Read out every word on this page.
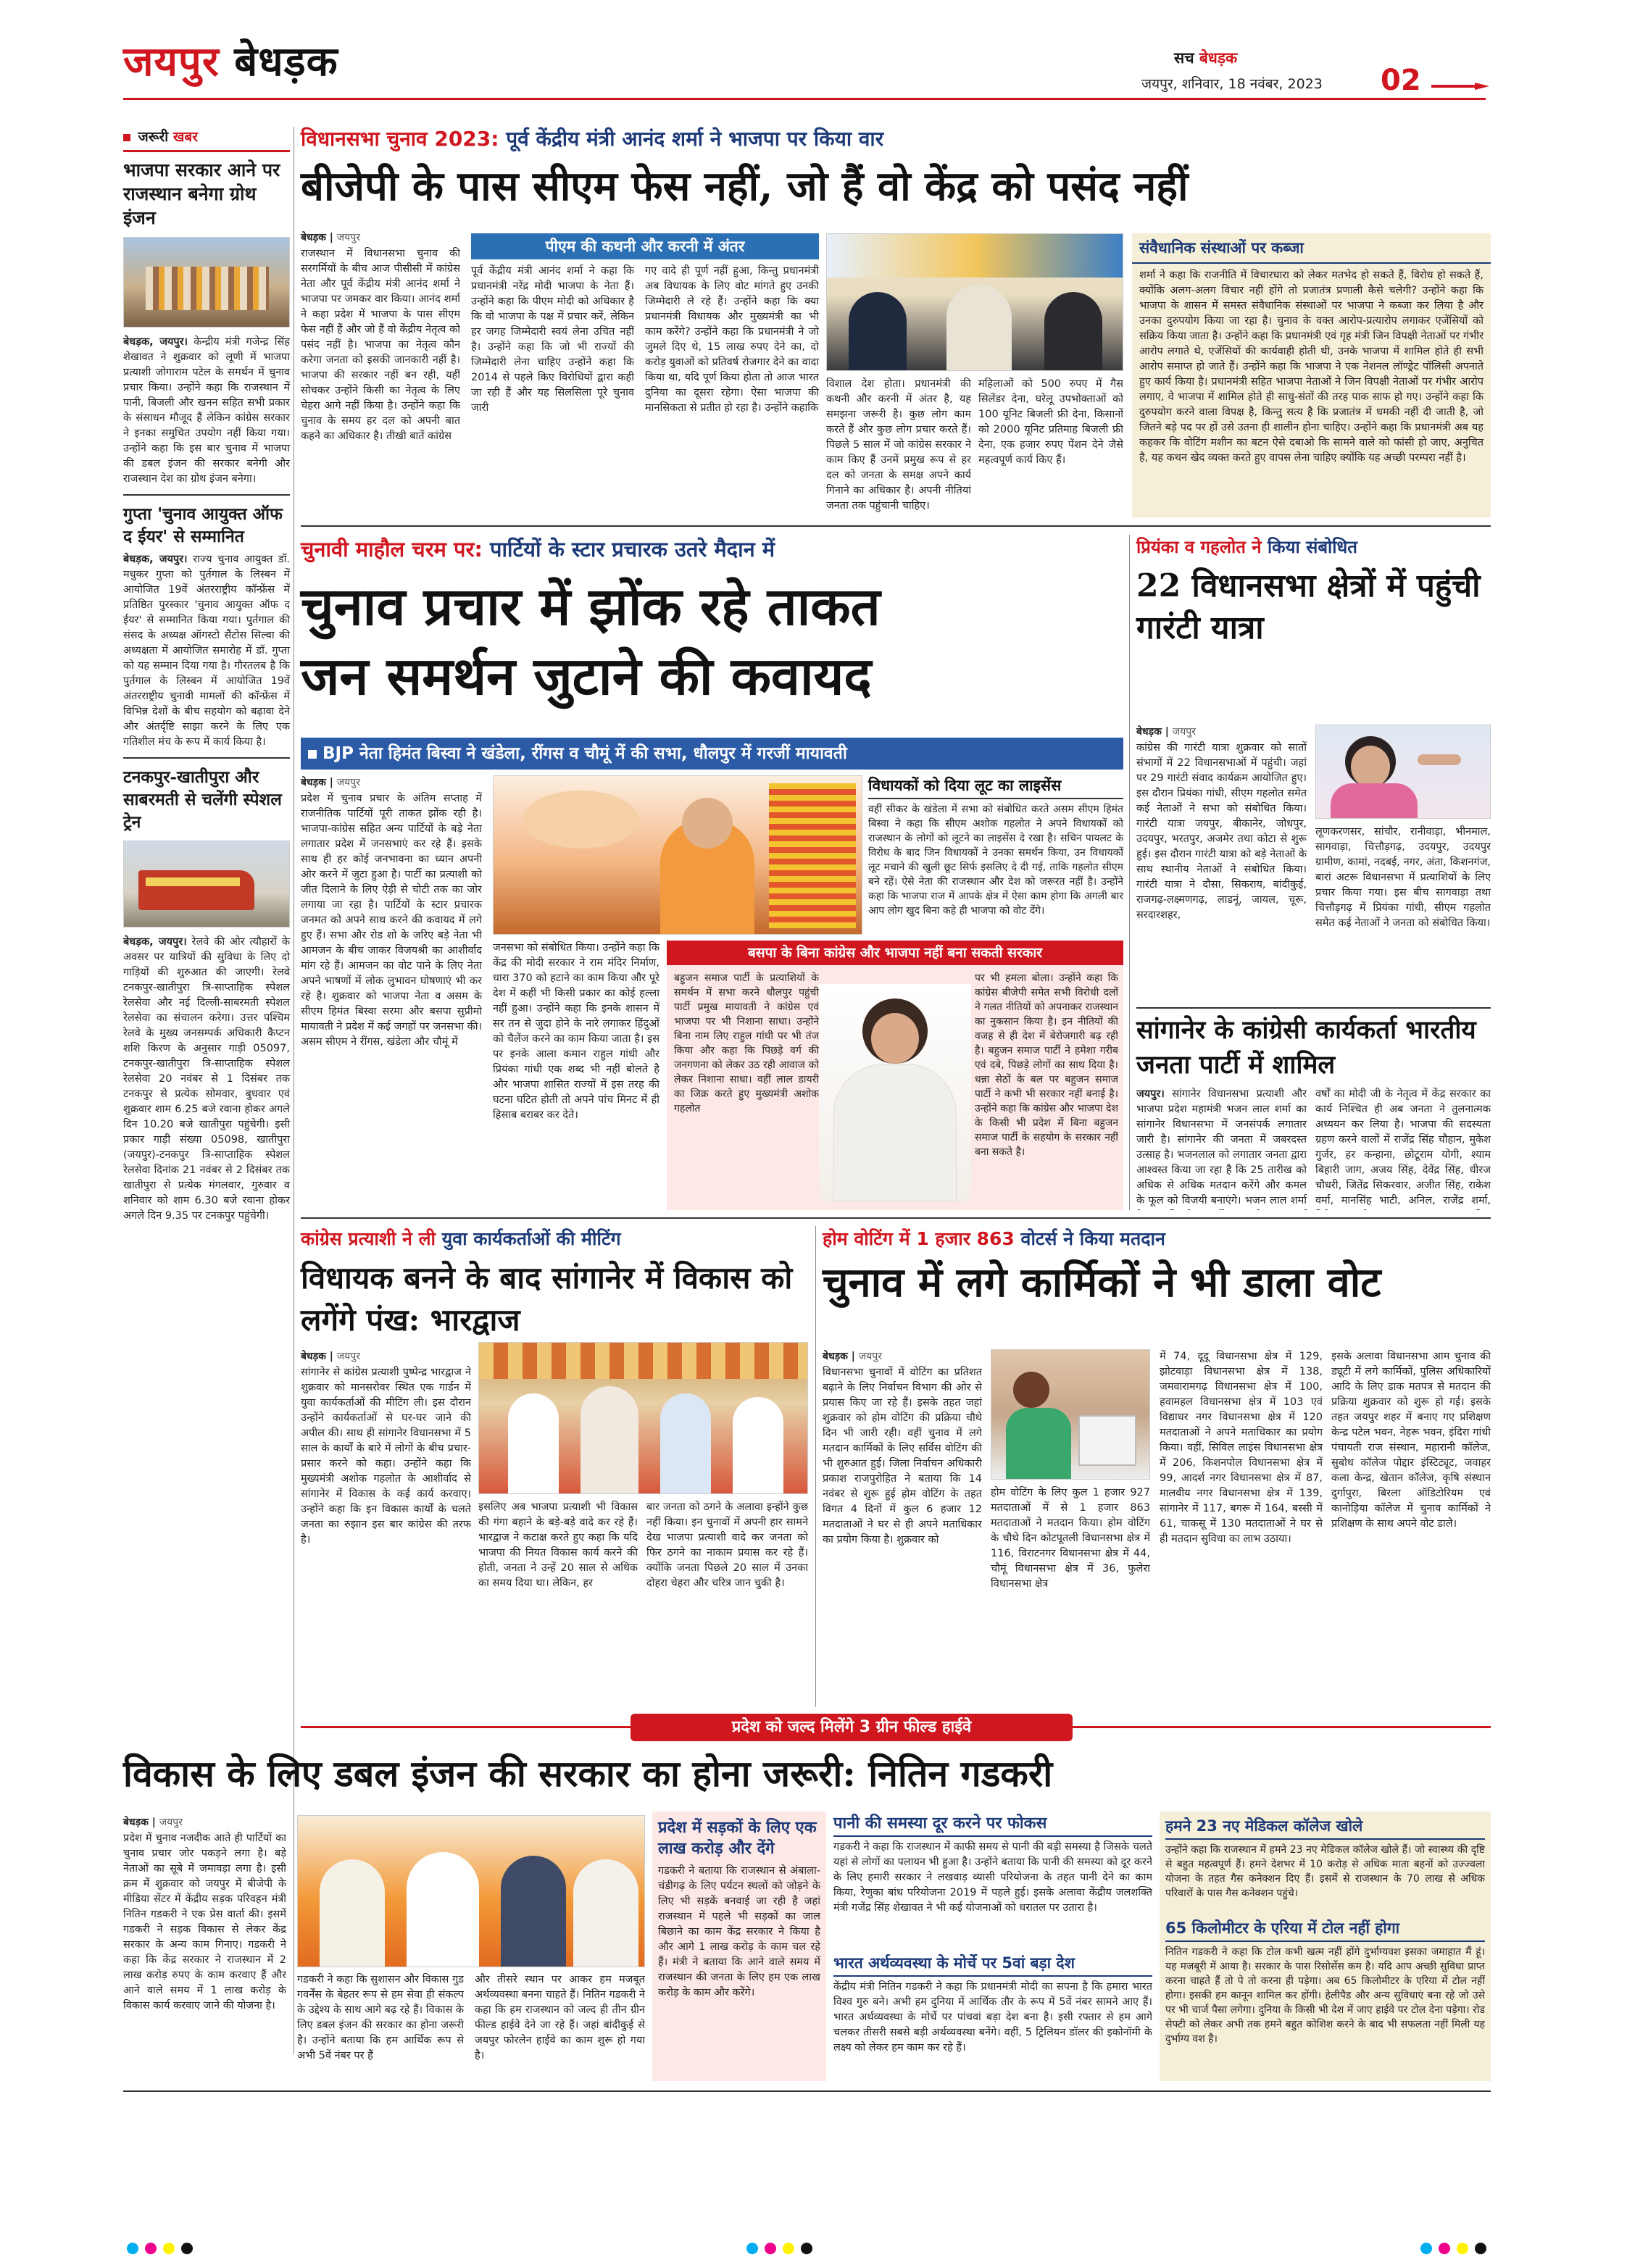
जयपुर बेधड़क	सच बेधड़क
जयपुर, शनिवार, 18 नवंबर, 2023 02
जरूरी खबर
भाजपा सरकार आने पर राजस्थान बनेगा ग्रोथ इंजन
बेधड़क, जयपुर। केन्द्रीय मंत्री गजेन्द्र सिंह शेखावत ने शुक्रवार को लूणी में भाजपा प्रत्याशी जोगाराम पटेल के समर्थन में चुनाव प्रचार किया। उन्होंने कहा कि राजस्थान में पानी, बिजली और खनन सहित सभी प्रकार के संसाधन मौजूद हैं लेकिन कांग्रेस सरकार ने इनका समुचित उपयोग नहीं किया गया। उन्होंने कहा कि इस बार चुनाव में भाजपा की डबल इंजन की सरकार बनेगी और राजस्थान देश का ग्रोथ इंजन बनेगा।
गुप्ता 'चुनाव आयुक्त ऑफ द ईयर' से सम्मानित
बेधड़क, जयपुर। राज्य चुनाव आयुक्त डॉ. मधुकर गुप्ता को पुर्तगाल के लिस्बन में आयोजित 19वें अंतरराष्ट्रीय कॉन्फ्रेंस में प्रतिष्ठित पुरस्कार 'चुनाव आयुक्त ऑफ द ईयर' से सम्मानित किया गया। पुर्तगाल की संसद के अध्यक्ष ऑगस्टो सैंटोस सिल्वा की अध्यक्षता में आयोजित समारोह में डॉ. गुप्ता को यह सम्मान दिया गया है। गौरतलब है कि पुर्तगाल के लिस्बन में आयोजित 19वें अंतरराष्ट्रीय चुनावी मामलों की कॉन्फ्रेंस में विभिन्न देशों के बीच सहयोग को बढ़ावा देने और अंतर्दृष्टि साझा करने के लिए एक गतिशील मंच के रूप में कार्य किया है।
टनकपुर-खातीपुरा और साबरमती से चलेंगी स्पेशल ट्रेन
बेधड़क, जयपुर। रेलवे की ओर त्यौहारों के अवसर पर यात्रियों की सुविधा के लिए दो गाड़ियों की शुरुआत की जाएगी। रेलवे टनकपुर-खातीपुरा त्रि-साप्ताहिक स्पेशल रेलसेवा और नई दिल्ली-साबरमती स्पेशल रेलसेवा का संचालन करेगा। उत्तर पश्चिम रेलवे के मुख्य जनसम्पर्क अधिकारी कैप्टन शशि किरण के अनुसार गाड़ी 05097, टनकपुर-खातीपुरा त्रि-साप्ताहिक स्पेशल रेलसेवा 20 नवंबर से 1 दिसंबर तक टनकपुर से प्रत्येक सोमवार, बुधवार एवं शुक्रवार शाम 6.25 बजे रवाना होकर अगले दिन 10.20 बजे खातीपुरा पहुंचेगी। इसी प्रकार गाड़ी संख्या 05098, खातीपुरा (जयपुर)-टनकपुर त्रि-साप्ताहिक स्पेशल रेलसेवा दिनांक 21 नवंबर से 2 दिसंबर तक खातीपुरा से प्रत्येक मंगलवार, गुरुवार व शनिवार को शाम 6.30 बजे रवाना होकर अगले दिन 9.35 पर टनकपुर पहुंचेगी।
विधानसभा चुनाव 2023: पूर्व केंद्रीय मंत्री आनंद शर्मा ने भाजपा पर किया वार
बीजेपी के पास सीएम फेस नहीं, जो हैं वो केंद्र को पसंद नहीं
बेधड़क | जयपुर
राजस्थान में विधानसभा चुनाव की सरगर्मियों के बीच आज पीसीसी में कांग्रेस नेता और पूर्व केंद्रीय मंत्री आनंद शर्मा ने भाजपा पर जमकर वार किया। आनंद शर्मा ने कहा प्रदेश में भाजपा के पास सीएम फेस नहीं हैं और जो हैं वो केंद्रीय नेतृत्व को पसंद नहीं है। भाजपा का नेतृत्व कौन करेगा जनता को इसकी जानकारी नहीं है। भाजपा की सरकार नहीं बन रही, यहीं सोचकर उन्होंने किसी का नेतृत्व के लिए चेहरा आगे नहीं किया है। उन्होंने कहा कि चुनाव के समय हर दल को अपनी बात कहने का अधिकार है। तीखी बातें कांग्रेस
पीएम की कथनी और करनी में अंतर
पूर्व केंद्रीय मंत्री आनंद शर्मा ने कहा कि प्रधानमंत्री नरेंद्र मोदी भाजपा के नेता हैं। उन्होंने कहा कि पीएम मोदी को अधिकार है कि वो भाजपा के पक्ष में प्रचार करें, लेकिन हर जगह जिम्मेदारी स्वयं लेना उचित नहीं है। उन्होंने कहा कि जो भी राज्यों की जिम्मेदारी लेना चाहिए उन्होंने कहा कि 2014 से पहले किए विरोधियों द्वारा कही जा रही हैं और यह सिलसिला पूरे चुनाव जारी
गए वादे ही पूर्ण नहीं हुआ, किन्तु प्रधानमंत्री अब विधायक के लिए वोट मांगते हुए उनकी जिम्मेदारी ले रहे हैं। उन्होंने कहा कि क्या प्रधानमंत्री विधायक और मुख्यमंत्री का भी काम करेंगे? उन्होंने कहा कि प्रधानमंत्री ने जो जुमले दिए थे, 15 लाख रुपए देने का, दो करोड़ युवाओं को प्रतिवर्ष रोजगार देने का वादा किया था, यदि पूर्ण किया होता तो आज भारत दुनिया का दूसरा रहेगा। ऐसा भाजपा की मानसिकता से प्रतीत हो रहा है। उन्होंने कहाकि
विशाल देश होता। प्रधानमंत्री की कथनी और करनी में अंतर है, यह समझना जरूरी है। कुछ लोग काम करते हैं और कुछ लोग प्रचार करते हैं। पिछले 5 साल में जो कांग्रेस सरकार ने काम किए हैं उनमें प्रमुख रूप से हर दल को जनता के समक्ष अपने कार्य गिनाने का अधिकार है। अपनी नीतियां जनता तक पहुंचानी चाहिए।
महिलाओं को 500 रुपए में गैस सिलेंडर देना, घरेलू उपभोक्ताओं को 100 यूनिट बिजली फ्री देना, किसानों को 2000 यूनिट प्रतिमाह बिजली फ्री देना, एक हजार रुपए पेंशन देने जैसे महत्वपूर्ण कार्य किए हैं।
संवैधानिक संस्थाओं पर कब्जा
शर्मा ने कहा कि राजनीति में विचारधारा को लेकर मतभेद हो सकते हैं, विरोध हो सकते हैं, क्योंकि अलग-अलग विचार नहीं होंगे तो प्रजातंत्र प्रणाली कैसे चलेगी? उन्होंने कहा कि भाजपा के शासन में समस्त संवैधानिक संस्थाओं पर भाजपा ने कब्जा कर लिया है और उनका दुरुपयोग किया जा रहा है। चुनाव के वक्त आरोप-प्रत्यारोप लगाकर एजेंसियों को सक्रिय किया जाता है। उन्होंने कहा कि प्रधानमंत्री एवं गृह मंत्री जिन विपक्षी नेताओं पर गंभीर आरोप लगाते थे, एजेंसियों की कार्यवाही होती थी, उनके भाजपा में शामिल होते ही सभी आरोप समाप्त हो जाते हैं। उन्होंने कहा कि भाजपा ने एक नेशनल लॉण्ड्रेट पॉलिसी अपनाते हुए कार्य किया है। प्रधानमंत्री सहित भाजपा नेताओं ने जिन विपक्षी नेताओं पर गंभीर आरोप लगाए, वे भाजपा में शामिल होते ही साधु-संतों की तरह पाक साफ हो गए। उन्होंने कहा कि दुरुपयोग करने वाला विपक्ष है, किन्तु सत्य है कि प्रजातंत्र में धमकी नहीं दी जाती है, जो जितने बड़े पद पर हों उसे उतना ही शालीन होना चाहिए। उन्होंने कहा कि प्रधानमंत्री अब यह कहकर कि वोटिंग मशीन का बटन ऐसे दबाओ कि सामने वाले को फांसी हो जाए, अनुचित है, यह कथन खेद व्यक्त करते हुए वापस लेना चाहिए क्योंकि यह अच्छी परम्परा नहीं है।
चुनावी माहौल चरम पर: पार्टियों के स्टार प्रचारक उतरे मैदान में
चुनाव प्रचार में झोंक रहे ताकत
जन समर्थन जुटाने की कवायद
BJP नेता हिमंत बिस्वा ने खंडेला, रींगस व चौमूं में की सभा, धौलपुर में गरजीं मायावती
बेधड़क | जयपुर
प्रदेश में चुनाव प्रचार के अंतिम सप्ताह में राजनीतिक पार्टियों पूरी ताकत झोंक रही है। भाजपा-कांग्रेस सहित अन्य पार्टियों के बड़े नेता लगातार प्रदेश में जनसभाएं कर रहे हैं। इसके साथ ही हर कोई जनभावना का ध्यान अपनी ओर करने में जुटा हुआ है। पार्टी का प्रत्याशी को जीत दिलाने के लिए ऐड़ी से चोटी तक का जोर लगाया जा रहा है। पार्टियों के स्टार प्रचारक जनमत को अपने साथ करने की कवायद में लगे हुए हैं। सभा और रोड शो के जरिए बड़े नेता भी आमजन के बीच जाकर विजयश्री का आशीर्वाद मांग रहे हैं। आमजन का वोट पाने के लिए नेता अपने भाषणों में लोक लुभावन घोषणाएं भी कर रहे है। शुक्रवार को भाजपा नेता व असम के सीएम हिमंत बिस्वा सरमा और बसपा सुप्रीमो मायावती ने प्रदेश में कई जगहों पर जनसभा की। असम सीएम ने रींगस, खंडेला और चौमूं में
विधायकों को दिया लूट का लाइसेंस
वहीं सीकर के खंडेला में सभा को संबोधित करते असम सीएम हिमंत बिस्वा ने कहा कि सीएम अशोक गहलोत ने अपने विधायकों को राजस्थान के लोगों को लूटने का लाइसेंस दे रखा है। सचिन पायलट के विरोध के बाद जिन विधायकों ने उनका समर्थन किया, उन विधायकों लूट मचाने की खुली छूट सिर्फ इसलिए दे दी गई, ताकि गहलोत सीएम बने रहें। ऐसे नेता की राजस्थान और देश को जरूरत नहीं है। उन्होंने कहा कि भाजपा राज में आपके क्षेत्र में ऐसा काम होगा कि अगली बार आप लोग खुद बिना कहे ही भाजपा को वोट देंगे।
जनसभा को संबोधित किया। उन्होंने कहा कि केंद्र की मोदी सरकार ने राम मंदिर निर्माण, धारा 370 को हटाने का काम किया और पूरे देश में कहीं भी किसी प्रकार का कोई हल्ला नहीं हुआ। उन्होंने कहा कि इनके शासन में सर तन से जुदा होने के नारे लगाकर हिंदुओं को चैलेंज करने का काम किया जाता है। इस पर इनके आला कमान राहुल गांधी और प्रियंका गांधी एक शब्द भी नहीं बोलते है और भाजपा शासित राज्यों में इस तरह की घटना घटित होती तो अपने पांच मिनट में ही हिसाब बराबर कर देते।
बसपा के बिना कांग्रेस और भाजपा नहीं बना सकती सरकार
बहुजन समाज पार्टी के प्रत्याशियों के समर्थन में सभा करने धौलपुर पहुंची पार्टी प्रमुख मायावती ने कांग्रेस एवं भाजपा पर भी निशाना साधा। उन्होंने बिना नाम लिए राहुल गांधी पर भी तंज किया और कहा कि पिछड़े वर्ग की जनगणना को लेकर उठ रही आवाज को लेकर निशाना साधा। वहीं लाल डायरी का जिक्र करते हुए मुख्यमंत्री अशोक गहलोत
पर भी हमला बोला। उन्होंने कहा कि कांग्रेस बीजेपी समेत सभी विरोधी दलों ने गलत नीतियों को अपनाकर राजस्थान का नुकसान किया है। इन नीतियों की वजह से ही देश में बेरोजगारी बढ़ रही है। बहुजन समाज पार्टी ने हमेशा गरीब एवं दबे, पिछड़े लोगों का साथ दिया है। धन्ना सेठों के बल पर बहुजन समाज पार्टी ने कभी भी सरकार नहीं बनाई है। उन्होंने कहा कि कांग्रेस और भाजपा देश के किसी भी प्रदेश में बिना बहुजन समाज पार्टी के सहयोग के सरकार नहीं बना सकते है।
प्रियंका व गहलोत ने किया संबोधित
22 विधानसभा क्षेत्रों में पहुंची गारंटी यात्रा
बेधड़क | जयपुर
कांग्रेस की गारंटी यात्रा शुक्रवार को सातों संभागों में 22 विधानसभाओं में पहुंची। जहां पर 29 गारंटी संवाद कार्यक्रम आयोजित हुए। इस दौरान प्रियंका गांधी, सीएम गहलोत समेत कई नेताओं ने सभा को संबोधित किया। गारंटी यात्रा जयपुर, बीकानेर, जोधपुर, उदयपुर, भरतपुर, अजमेर तथा कोटा से शुरू हुई। इस दौरान गारंटी यात्रा को बड़े नेताओं के साथ स्थानीय नेताओं ने संबोधित किया। गारंटी यात्रा ने दौसा, सिकराय, बांदीकुई, राजगढ़-लक्ष्मणगढ़, लाडनूं, जायल, चूरू, सरदारशहर,
लूणकरणसर, सांचौर, रानीवाड़ा, भीनमाल, सागवाड़ा, चित्तौड़गढ़, उदयपुर, उदयपुर ग्रामीण, कामां, नदबई, नगर, अंता, किशनगंज, बारां अटरू विधानसभा में प्रत्याशियों के लिए प्रचार किया गया। इस बीच सागवाड़ा तथा चित्तौड़गढ़ में प्रियंका गांधी, सीएम गहलोत समेत कई नेताओं ने जनता को संबोधित किया।
सांगानेर के कांग्रेसी कार्यकर्ता भारतीय जनता पार्टी में शामिल
जयपुर। सांगानेर विधानसभा प्रत्याशी और भाजपा प्रदेश महामंत्री भजन लाल शर्मा का सांगानेर विधानसभा में जनसंपर्क लगातार जारी है। सांगानेर की जनता में जबरदस्त उत्साह है। भजनलाल को लगातार जनता द्वारा आश्वस्त किया जा रहा है कि 25 तारीख को अधिक से अधिक मतदान करेंगे और कमल के फूल को विजयी बनाएंगे। भजन लाल शर्मा
वर्षों का मोदी जी के नेतृत्व में केंद्र सरकार का कार्य निश्चित ही अब जनता ने तुलनात्मक अध्ययन कर लिया है। भाजपा की सदस्यता ग्रहण करने वालों में राजेंद्र सिंह चौहान, मुकेश गुर्जर, हर कन्हाना, छोटूराम योगी, श्याम बिहारी जाग, अजय सिंह, देवेंद्र सिंह, धीरज चौधरी, जितेंद्र सिकरवार, अजीत सिंह, राकेश वर्मा, मानसिंह भाटी, अनिल, राजेंद्र शर्मा,
कांग्रेस प्रत्याशी ने ली युवा कार्यकर्ताओं की मीटिंग
विधायक बनने के बाद सांगानेर में विकास को लगेंगे पंख: भारद्वाज
बेधड़क | जयपुर
सांगानेर से कांग्रेस प्रत्याशी पुष्पेन्द्र भारद्वाज ने शुक्रवार को मानसरोवर स्थित एक गार्डन में युवा कार्यकर्ताओं की मीटिंग ली। इस दौरान उन्होंने कार्यकर्ताओं से घर-घर जाने की अपील की। साथ ही सांगानेर विधानसभा में 5 साल के कार्यों के बारे में लोगों के बीच प्रचार-प्रसार करने को कहा। उन्होंने कहा कि मुख्यमंत्री अशोक गहलोत के आशीर्वाद से सांगानेर में विकास के कई कार्य करवाए। उन्होंने कहा कि इन विकास कार्यों के चलते जनता का रुझान इस बार कांग्रेस की तरफ है।
इसलिए अब भाजपा प्रत्याशी भी विकास की गंगा बहाने के बड़े-बड़े वादे कर रहे हैं। भारद्वाज ने कटाक्ष करते हुए कहा कि यदि भाजपा की नियत विकास कार्य करने की होती, जनता ने उन्हें 20 साल से अधिक का समय दिया था। लेकिन, हर
बार जनता को ठगने के अलावा इन्होंने कुछ नहीं किया। इन चुनावों में अपनी हार सामने देख भाजपा प्रत्याशी वादे कर जनता को फिर ठगने का नाकाम प्रयास कर रहे हैं। क्योंकि जनता पिछले 20 साल में उनका दोहरा चेहरा और चरित्र जान चुकी है।
होम वोटिंग में 1 हजार 863 वोटर्स ने किया मतदान
चुनाव में लगे कार्मिकों ने भी डाला वोट
बेधड़क | जयपुर
विधानसभा चुनावों में वोटिंग का प्रतिशत बढ़ाने के लिए निर्वाचन विभाग की ओर से प्रयास किए जा रहे हैं। इसके तहत जहां शुक्रवार को होम वोटिंग की प्रक्रिया चौथे दिन भी जारी रही। वहीं चुनाव में लगे मतदान कार्मिकों के लिए सर्विस वोटिंग की भी शुरुआत हुई। जिला निर्वाचन अधिकारी प्रकाश राजपुरोहित ने बताया कि 14 नवंबर से शुरू हुई होम वोटिंग के तहत विगत 4 दिनों में कुल 6 हजार 12 मतदाताओं ने घर से ही अपने मताधिकार का प्रयोग किया है। शुक्रवार को
होम वोटिंग के लिए कुल 1 हजार 927 मतदाताओं में से 1 हजार 863 मतदाताओं ने मतदान किया। होम वोटिंग के चौथे दिन कोटपूतली विधानसभा क्षेत्र में 116, विराटनगर विधानसभा क्षेत्र में 44, चौमूं विधानसभा क्षेत्र में 36, फुलेरा विधानसभा क्षेत्र
में 74, दूदू विधानसभा क्षेत्र में 129, झोटवाड़ा विधानसभा क्षेत्र में 138, जमवारामगढ़ विधानसभा क्षेत्र में 100, हवामहल विधानसभा क्षेत्र में 103 एवं विद्याधर नगर विधानसभा क्षेत्र में 120 मतदाताओं ने अपने मताधिकार का प्रयोग किया। वहीं, सिविल लाइंस विधानसभा क्षेत्र में 206, किशनपोल विधानसभा क्षेत्र में 99, आदर्श नगर विधानसभा क्षेत्र में 87, मालवीय नगर विधानसभा क्षेत्र में 139, सांगानेर में 117, बगरू में 164, बस्सी में 61, चाकसू में 130 मतदाताओं ने घर से ही मतदान सुविधा का लाभ उठाया।
इसके अलावा विधानसभा आम चुनाव की ड्यूटी में लगे कार्मिकों, पुलिस अधिकारियों आदि के लिए डाक मतपत्र से मतदान की प्रक्रिया शुक्रवार को शुरू हो गई। इसके तहत जयपुर शहर में बनाए गए प्रशिक्षण केन्द्र पटेल भवन, नेहरू भवन, इंदिरा गांधी पंचायती राज संस्थान, महारानी कॉलेज, सुबोध कॉलेज पोद्दार इंस्टिट्यूट, जवाहर कला केन्द्र, खेतान कॉलेज, कृषि संस्थान दुर्गापुरा, बिरला ऑडिटोरियम एवं कानोड़िया कॉलेज में चुनाव कार्मिकों ने प्रशिक्षण के साथ अपने वोट डाले।
प्रदेश को जल्द मिलेंगे 3 ग्रीन फील्ड हाईवे
विकास के लिए डबल इंजन की सरकार का होना जरूरी: नितिन गडकरी
बेधड़क | जयपुर
प्रदेश में चुनाव नजदीक आते ही पार्टियों का चुनाव प्रचार जोर पकड़ने लगा है। बड़े नेताओं का सूबे में जमावड़ा लगा है। इसी क्रम में शुक्रवार को जयपुर में बीजेपी के मीडिया सेंटर में केंद्रीय सड़क परिवहन मंत्री नितिन गडकरी ने एक प्रेस वार्ता की। इसमें गडकरी ने सड़क विकास से लेकर केंद्र सरकार के अन्य काम गिनाए। गडकरी ने कहा कि केंद्र सरकार ने राजस्थान में 2 लाख करोड़ रुपए के काम करवाए हैं और आने वाले समय में 1 लाख करोड़ के विकास कार्य करवाए जाने की योजना है।
गडकरी ने कहा कि सुशासन और विकास गुड गवर्नेंस के बेहतर रूप से हम सेवा ही संकल्प के उद्देश्य के साथ आगे बढ़ रहे हैं। विकास के लिए डबल इंजन की सरकार का होना जरूरी है। उन्होंने बताया कि हम आर्थिक रूप से अभी 5वें नंबर पर हैं
और तीसरे स्थान पर आकर हम मजबूत अर्थव्यवस्था बनना चाहते हैं। नितिन गडकरी ने कहा कि हम राजस्थान को जल्द ही तीन ग्रीन फील्ड हाईवे देने जा रहे हैं। जहां बांदीकुई से जयपुर फोरलेन हाईवे का काम शुरू हो गया है।
प्रदेश में सड़कों के लिए एक लाख करोड़ और देंगे
गडकरी ने बताया कि राजस्थान से अंबाला-चंडीगढ़ के लिए पर्यटन स्थलों को जोड़ने के लिए भी सड़कें बनवाई जा रही है जहां राजस्थान में पहले भी सड़कों का जाल बिछाने का काम केंद्र सरकार ने किया है और आगे 1 लाख करोड़ के काम चल रहे हैं। मंत्री ने बताया कि आने वाले समय में राजस्थान की जनता के लिए हम एक लाख करोड़ के काम और करेंगे।
पानी की समस्या दूर करने पर फोकस
गडकरी ने कहा कि राजस्थान में काफी समय से पानी की बड़ी समस्या है जिसके चलते यहां से लोगों का पलायन भी हुआ है। उन्होंने बताया कि पानी की समस्या को दूर करने के लिए हमारी सरकार ने लखवाड़ व्यासी परियोजना के तहत पानी देने का काम किया, रेणुका बांध परियोजना 2019 में पहले हुई। इसके अलावा केंद्रीय जलशक्ति मंत्री गजेंद्र सिंह शेखावत ने भी कई योजनाओं को धरातल पर उतारा है।
भारत अर्थव्यवस्था के मोर्चे पर 5वां बड़ा देश
केंद्रीय मंत्री नितिन गडकरी ने कहा कि प्रधानमंत्री मोदी का सपना है कि हमारा भारत विश्व गुरु बने। अभी हम दुनिया में आर्थिक तौर के रूप में 5वें नंबर सामने आए हैं। भारत अर्थव्यवस्था के मोर्चे पर पांचवां बड़ा देश बना है। इसी रफ्तार से हम आगे चलकर तीसरी सबसे बड़ी अर्थव्यवस्था बनेंगे। वहीं, 5 ट्रिलियन डॉलर की इकोनॉमी के लक्ष्य को लेकर हम काम कर रहे हैं।
हमने 23 नए मेडिकल कॉलेज खोले
उन्होंने कहा कि राजस्थान में हमने 23 नए मेडिकल कॉलेज खोले हैं। जो स्वास्थ्य की दृष्टि से बहुत महत्वपूर्ण हैं। हमने देशभर में 10 करोड़ से अधिक माता बहनों को उज्ज्वला योजना के तहत गैस कनेक्शन दिए हैं। इसमें से राजस्थान के 70 लाख से अधिक परिवारों के पास गैस कनेक्शन पहुंचे।
65 किलोमीटर के एरिया में टोल नहीं होगा
नितिन गडकरी ने कहा कि टोल कभी खत्म नहीं होंगे दुर्भाग्यवश इसका जमाहात मैं हूं। यह मजबूरी में आया है। सरकार के पास रिसोर्सेस कम है। यदि आप अच्छी सुविधा प्राप्त करना चाहते हैं तो पे तो करना ही पड़ेगा। अब 65 किलोमीटर के एरिया में टोल नहीं होगा। इसकी हम कानून शामिल कर होंगी। हेलीपैड और अन्य सुविधाएं बना रहे जो उसे पर भी चार्ज पैसा लगेगा। दुनिया के किसी भी देश में जाए हाईवे पर टोल देना पड़ेगा। रोड सेफ्टी को लेकर अभी तक हमने बहुत कोशिश करने के बाद भी सफलता नहीं मिली यह दुर्भाग्य वश है।
